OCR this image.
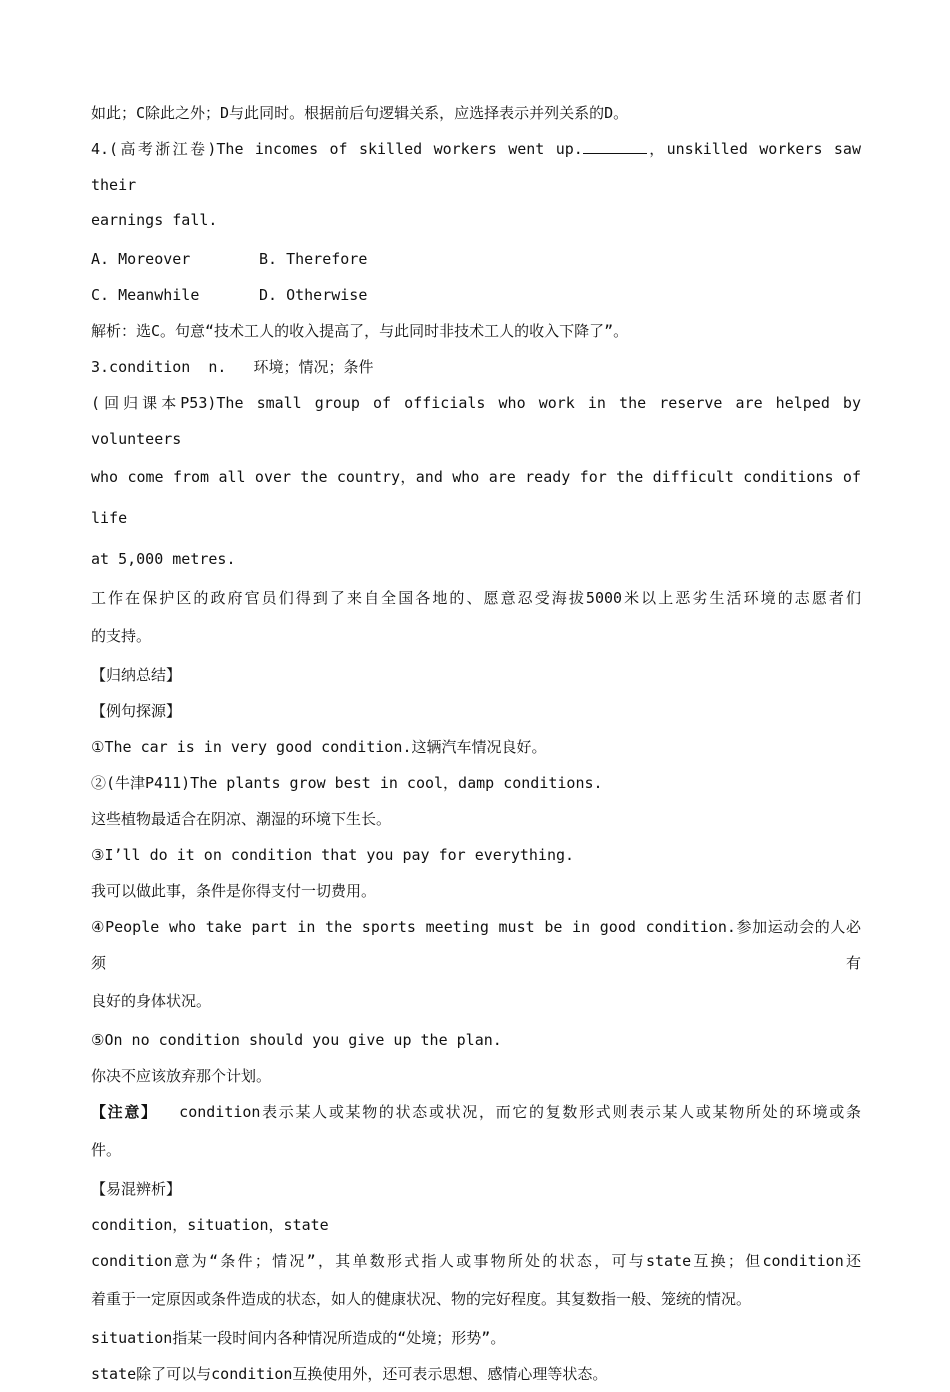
如此；C除此之外；D与此同时。根据前后句逻辑关系，应选择表示并列关系的D。

4.(高考浙江卷)The incomes of skilled workers went up.	，unskilled workers saw their

earnings fall.

A. Moreover	B. Therefore
C. Meanwhile	D. Otherwise

解析：选C。句意“技术工人的收入提高了，与此同时非技术工人的收入下降了”。

3.condition  n.   环境；情况；条件

(回归课本P53)The small group of officials who work in the reserve are helped by volunteers

who come from all over the country，and who are ready for the difficult conditions of life

at 5,000 metres.

工作在保护区的政府官员们得到了来自全国各地的、愿意忍受海拔5000米以上恶劣生活环境的志愿者们

的支持。

【归纳总结】

【例句探源】

①The car is in very good condition.这辆汽车情况良好。

②(牛津P411)The plants grow best in cool，damp conditions.

这些植物最适合在阴凉、潮湿的环境下生长。

③I’ll do it on condition that you pay for everything.

我可以做此事，条件是你得支付一切费用。

④People who take part in the sports meeting must be in good condition.参加运动会的人必须有

良好的身体状况。

⑤On no condition should you give up the plan.

你决不应该放弃那个计划。

【注意】  condition表示某人或某物的状态或状况，而它的复数形式则表示某人或某物所处的环境或条

件。

【易混辨析】

condition，situation，state

condition意为“条件；情况”，其单数形式指人或事物所处的状态，可与state互换；但condition还

着重于一定原因或条件造成的状态，如人的健康状况、物的完好程度。其复数指一般、笼统的情况。

situation指某一段时间内各种情况所造成的“处境；形势”。

state除了可以与condition互换使用外，还可表示思想、感情心理等状态。
